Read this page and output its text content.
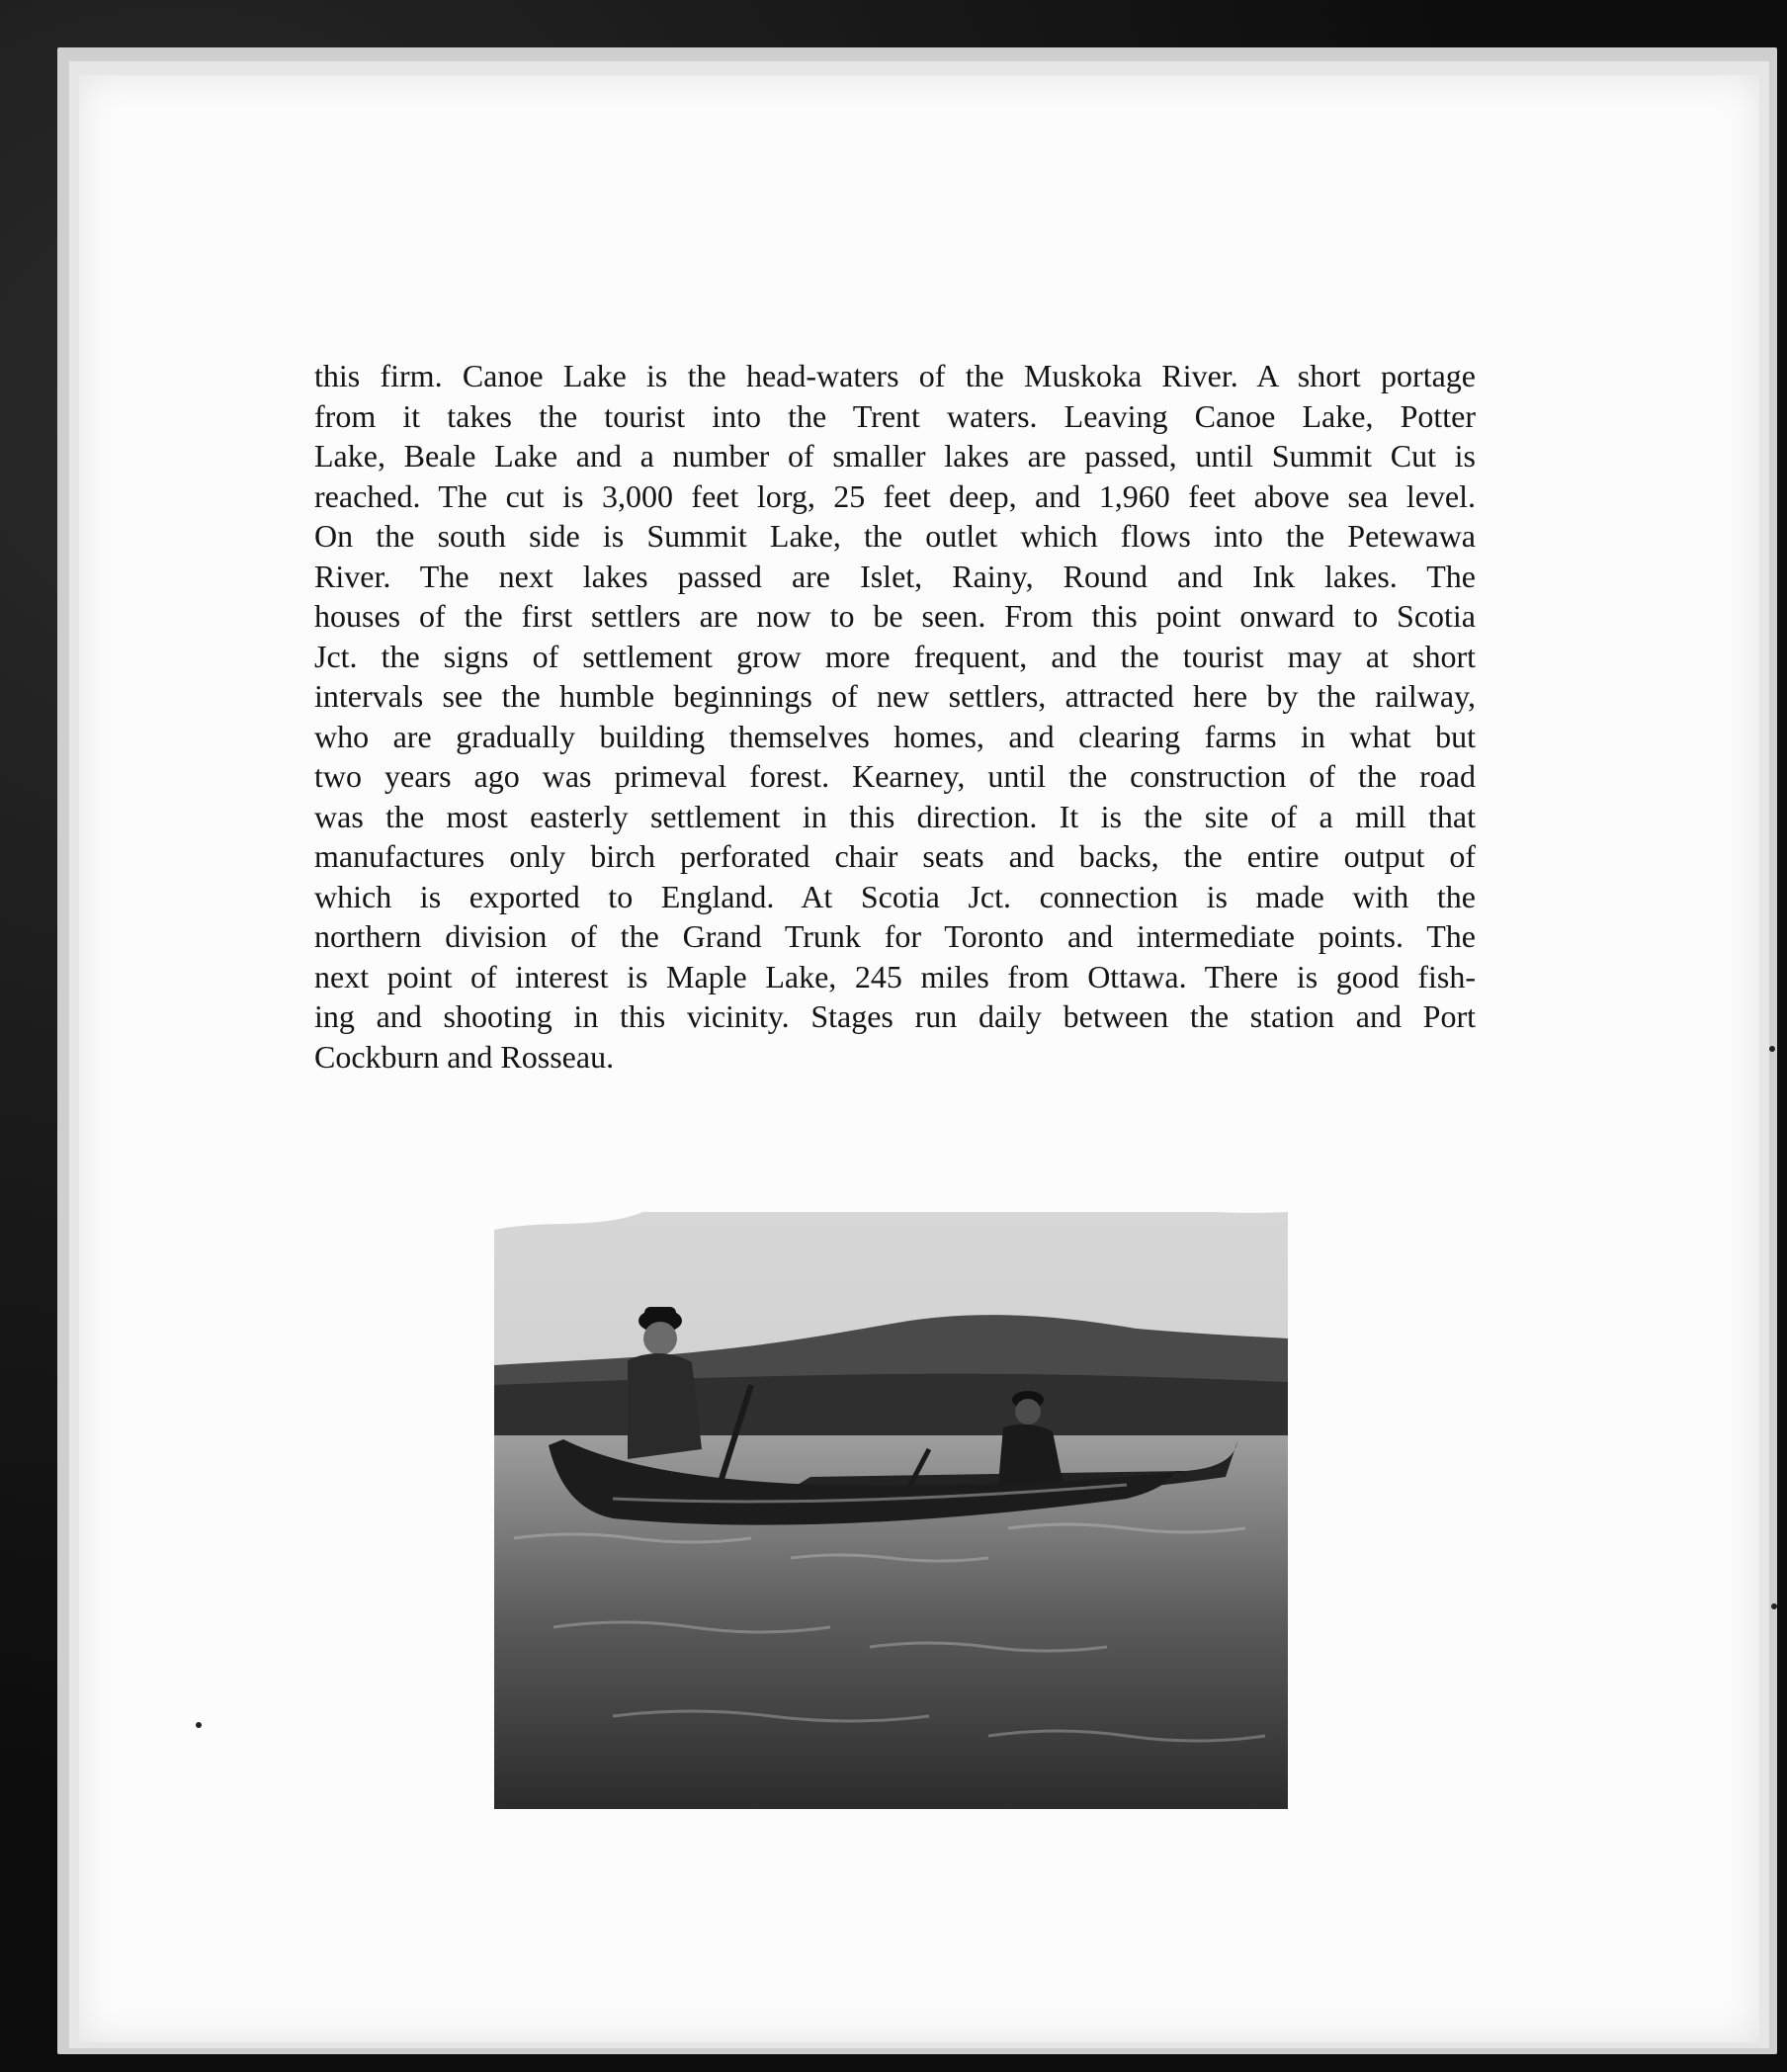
this firm. Canoe Lake is the head-waters of the Muskoka River. A short portage
from it takes the tourist into the Trent waters. Leaving Canoe Lake, Potter
Lake, Beale Lake and a number of smaller lakes are passed, until Summit Cut is
reached. The cut is 3,000 feet lorg, 25 feet deep, and 1,960 feet above sea level.
On the south side is Summit Lake, the outlet which flows into the Petewawa
River. The next lakes passed are Islet, Rainy, Round and Ink lakes. The
houses of the first settlers are now to be seen. From this point onward to Scotia
Jct. the signs of settlement grow more frequent, and the tourist may at short
intervals see the humble beginnings of new settlers, attracted here by the railway,
who are gradually building themselves homes, and clearing farms in what but
two years ago was primeval forest. Kearney, until the construction of the road
was the most easterly settlement in this direction. It is the site of a mill that
manufactures only birch perforated chair seats and backs, the entire output of
which is exported to England. At Scotia Jct. connection is made with the
northern division of the Grand Trunk for Toronto and intermediate points. The
next point of interest is Maple Lake, 245 miles from Ottawa. There is good fish-
ing and shooting in this vicinity. Stages run daily between the station and Port
Cockburn and Rosseau.
